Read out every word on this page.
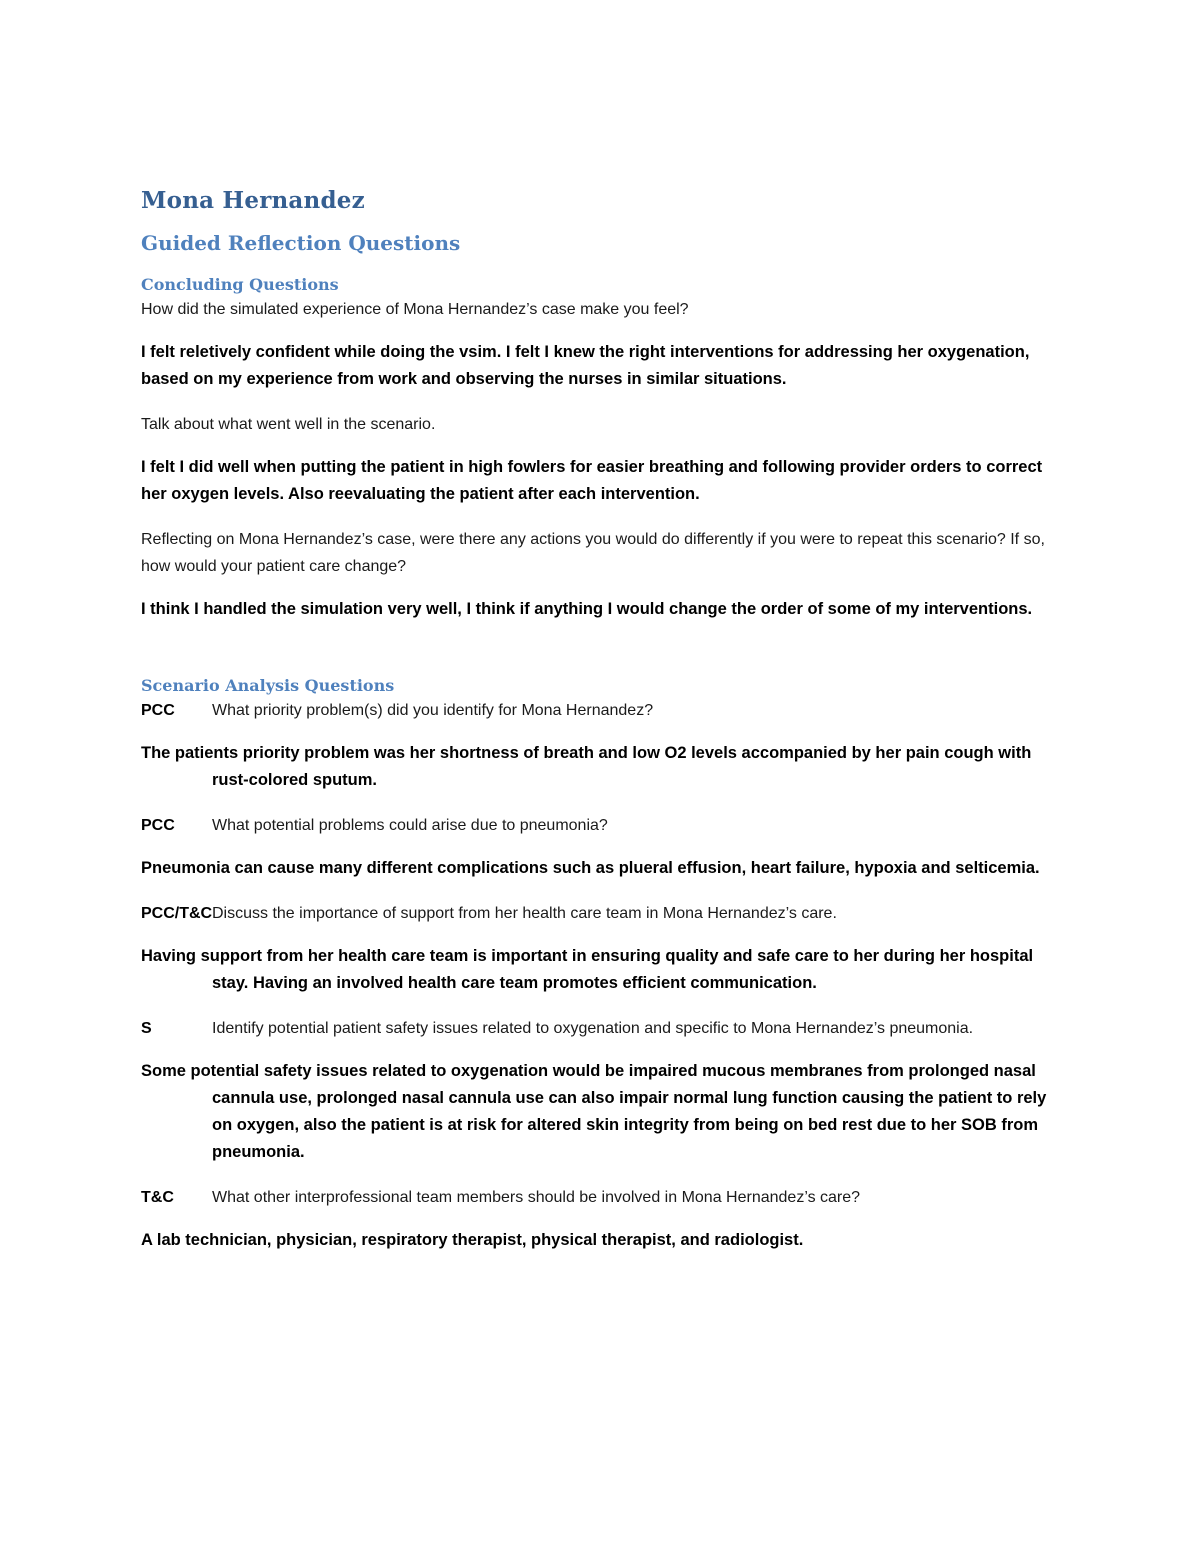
Mona Hernandez
Guided Reflection Questions
Concluding Questions

How did the simulated experience of Mona Hernandez’s case make you feel?

I felt reletively confident while doing the vsim. I felt I knew the right interventions for addressing her oxygenation, based on my experience from work and observing the nurses in similar situations.

Talk about what went well in the scenario.

I felt I did well when putting the patient in high fowlers for easier breathing and following provider orders to correct her oxygen levels. Also reevaluating the patient after each intervention.

Reflecting on Mona Hernandez’s case, were there any actions you would do differently if you were to repeat this scenario? If so, how would your patient care change?

I think I handled the simulation very well, I think if anything I would change the order of some of my interventions.

Scenario Analysis Questions
PCC	What priority problem(s) did you identify for Mona Hernandez?

The patients priority problem was her shortness of breath and low O2 levels accompanied by her pain cough with rust-colored sputum.

PCC	What potential problems could arise due to pneumonia?

Pneumonia can cause many different complications such as plueral effusion, heart failure, hypoxia and selticemia.

PCC/T&C Discuss the importance of support from her health care team in Mona Hernandez’s care.

Having support from her health care team is important in ensuring quality and safe care to her during her hospital stay. Having an involved health care team promotes efficient communication.

S	Identify potential patient safety issues related to oxygenation and specific to Mona Hernandez’s pneumonia.

Some potential safety issues related to oxygenation would be impaired mucous membranes from prolonged nasal cannula use, prolonged nasal cannula use can also impair normal lung function causing the patient to rely on oxygen, also the patient is at risk for altered skin integrity from being on bed rest due to her SOB from pneumonia.

T&C	What other interprofessional team members should be involved in Mona Hernandez’s care?

A lab technician, physician, respiratory therapist, physical therapist, and radiologist.
